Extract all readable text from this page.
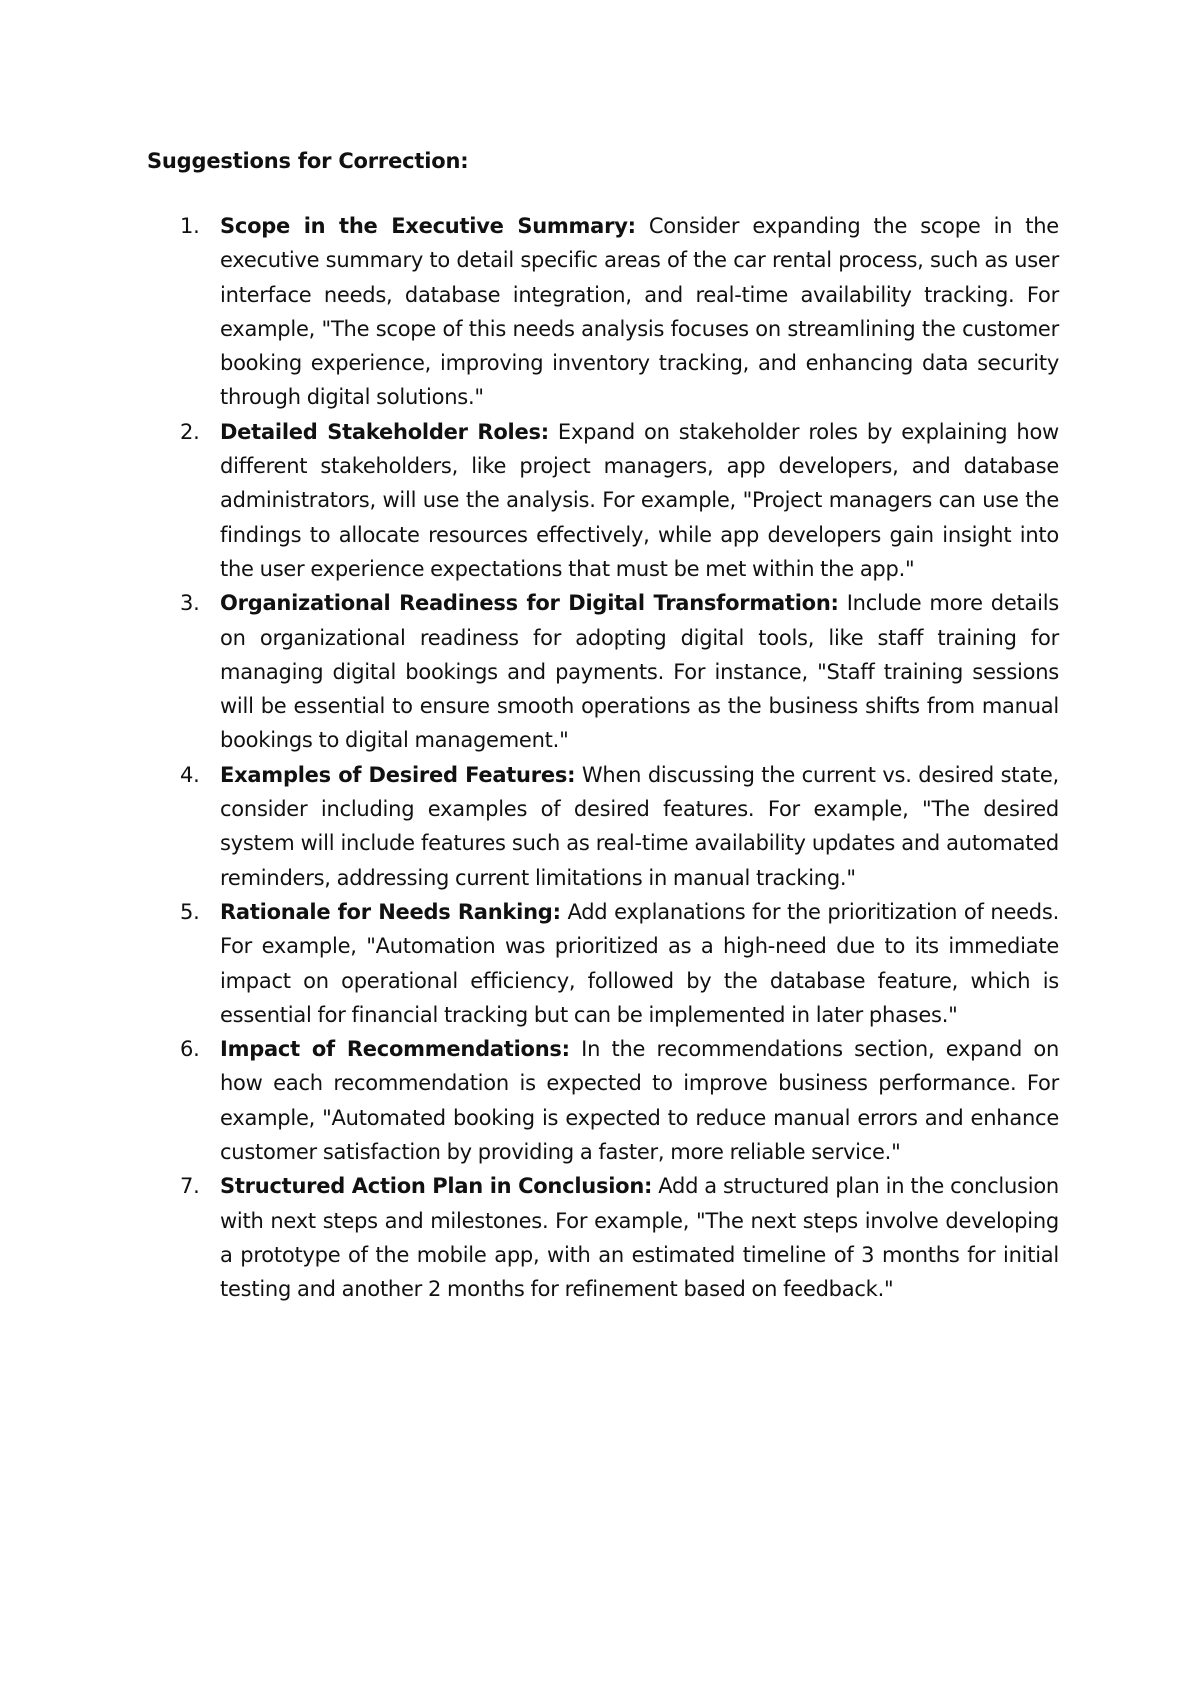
Suggestions for Correction:
1. Scope in the Executive Summary: Consider expanding the scope in the executive summary to detail specific areas of the car rental process, such as user interface needs, database integration, and real-time availability tracking. For example, "The scope of this needs analysis focuses on streamlining the customer booking experience, improving inventory tracking, and enhancing data security through digital solutions."
2. Detailed Stakeholder Roles: Expand on stakeholder roles by explaining how different stakeholders, like project managers, app developers, and database administrators, will use the analysis. For example, "Project managers can use the findings to allocate resources effectively, while app developers gain insight into the user experience expectations that must be met within the app."
3. Organizational Readiness for Digital Transformation: Include more details on organizational readiness for adopting digital tools, like staff training for managing digital bookings and payments. For instance, "Staff training sessions will be essential to ensure smooth operations as the business shifts from manual bookings to digital management."
4. Examples of Desired Features: When discussing the current vs. desired state, consider including examples of desired features. For example, "The desired system will include features such as real-time availability updates and automated reminders, addressing current limitations in manual tracking."
5. Rationale for Needs Ranking: Add explanations for the prioritization of needs. For example, "Automation was prioritized as a high-need due to its immediate impact on operational efficiency, followed by the database feature, which is essential for financial tracking but can be implemented in later phases."
6. Impact of Recommendations: In the recommendations section, expand on how each recommendation is expected to improve business performance. For example, "Automated booking is expected to reduce manual errors and enhance customer satisfaction by providing a faster, more reliable service."
7. Structured Action Plan in Conclusion: Add a structured plan in the conclusion with next steps and milestones. For example, "The next steps involve developing a prototype of the mobile app, with an estimated timeline of 3 months for initial testing and another 2 months for refinement based on feedback."
